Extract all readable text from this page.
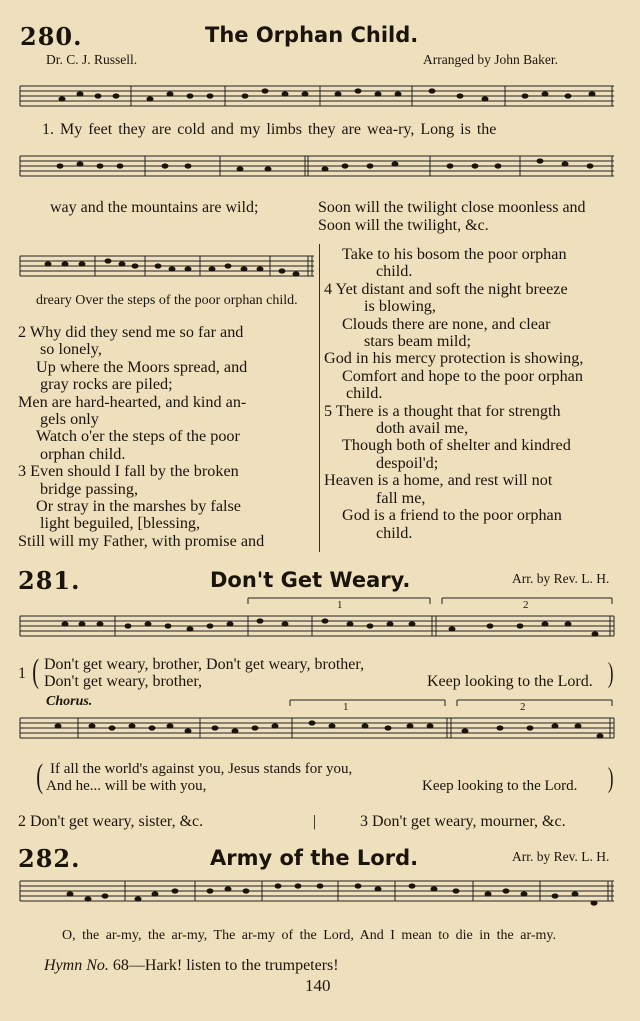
280.	The Orphan Child.
Dr. C. J. Russell.	Arranged by John Baker.
1. My feet they are cold and my limbs they are wea-ry, Long is the
way and the mountains are wild;	Soon will the twilight close moonless and
Soon will the twilight, &c.
dreary Over the steps of the poor orphan child.
2 Why did they send me so far and
so lonely,
Up where the Moors spread, and
gray rocks are piled;
Men are hard-hearted, and kind an-
gels only
Watch o'er the steps of the poor
orphan child.
3 Even should I fall by the broken
bridge passing,
Or stray in the marshes by false
light beguiled, [blessing,
Still will my Father, with promise and
Take to his bosom the poor orphan
child.
4 Yet distant and soft the night breeze
is blowing,
Clouds there are none, and clear
stars beam mild;
God in his mercy protection is showing,
Comfort and hope to the poor orphan
child.
5 There is a thought that for strength
doth avail me,
Though both of shelter and kindred
despoil'd;
Heaven is a home, and rest will not
fall me,
God is a friend to the poor orphan
child.
281.	Don't Get Weary.	Arr. by Rev. L. H.
1	2
1 ( Don't get weary, brother, Don't get weary, brother,
Don't get weary, brother,	Keep looking to the Lord. )
Chorus.	1	2
( If all the world's against you, Jesus stands for you,
And he... will be with you,	Keep looking to the Lord. )
2 Don't get weary, sister, &c.	|	3 Don't get weary, mourner, &c.
282.	Army of the Lord.	Arr. by Rev. L. H.
O, the ar-my, the ar-my, The ar-my of the Lord, And I mean to die in the ar-my.
Hymn No. 68—Hark! listen to the trumpeters!
140
